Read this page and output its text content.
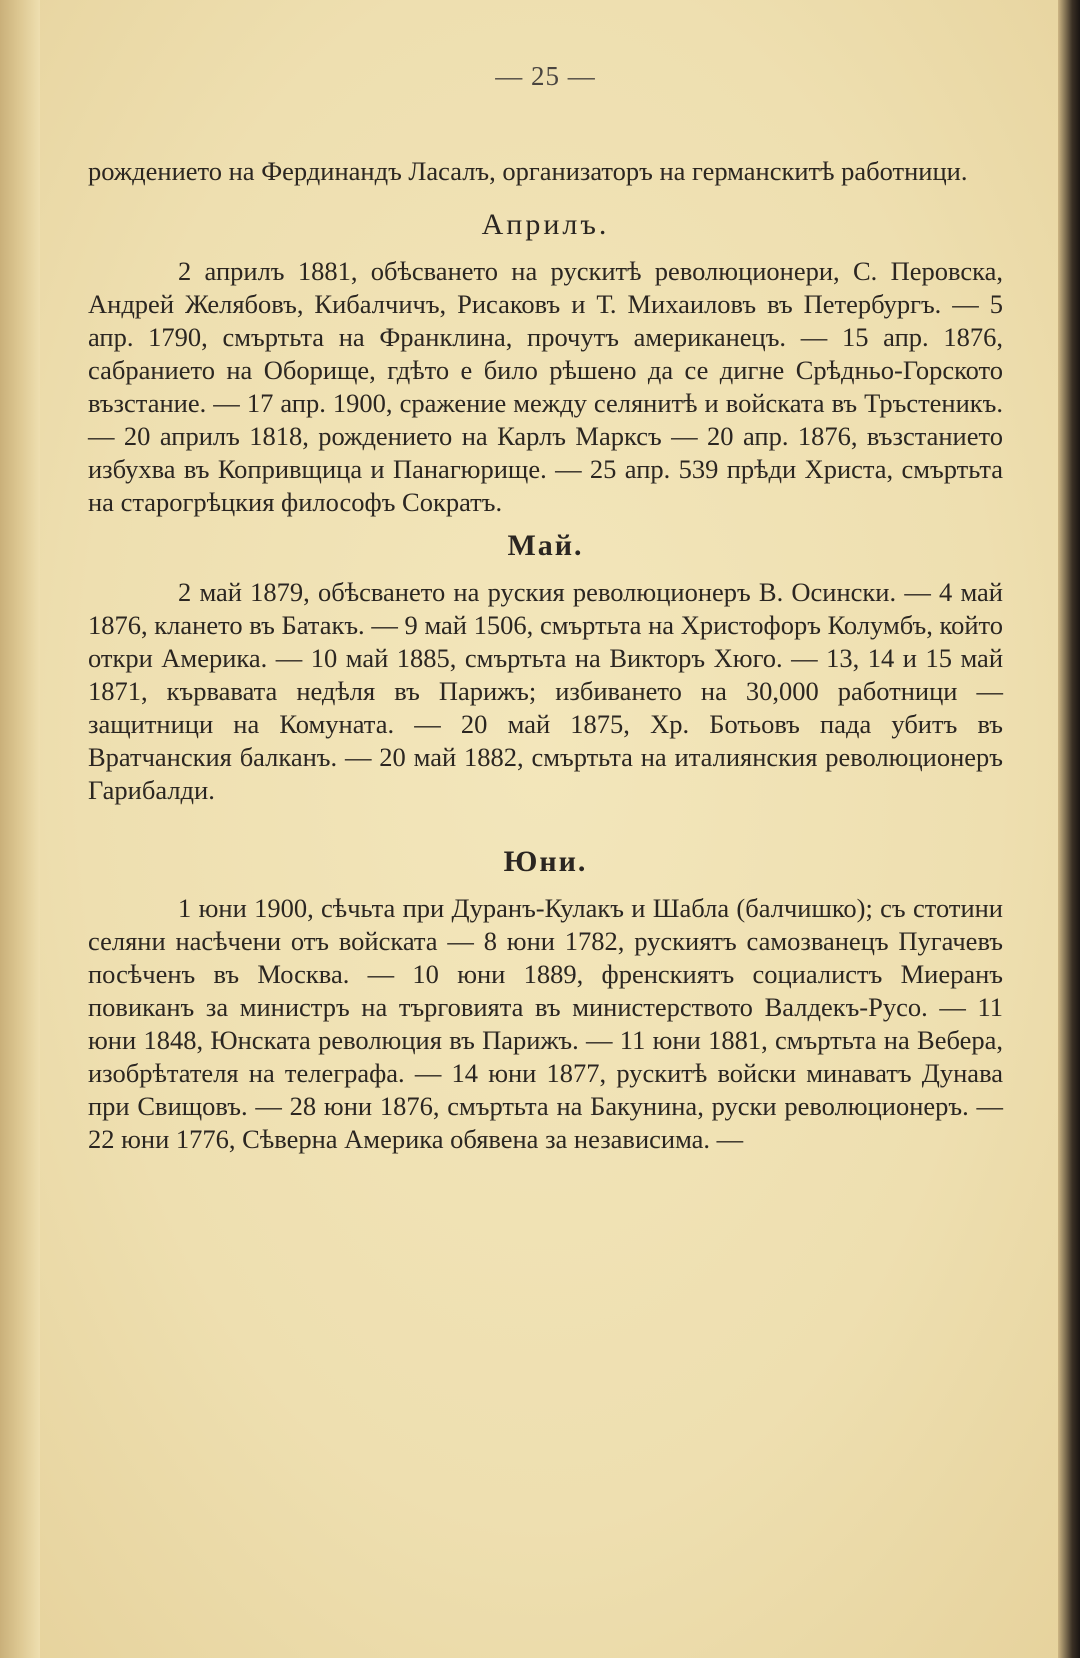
— 25 —

рождението на Фердинандъ Ласалъ, организаторъ на германскитѣ работници.

Априлъ.

2 априлъ 1881, обѣсването на рускитѣ революционери, С. Перовска, Андрей Желябовъ, Кибалчичъ, Рисаковъ и Т. Михаиловъ въ Петербургъ. — 5 апр. 1790, смъртьта на Франклина, прочутъ американецъ. — 15 апр. 1876, сабранието на Оборище, гдѣто е било рѣшено да се дигне Срѣдньо-Горското възстание. — 17 апр. 1900, сражение между селянитѣ и войската въ Тръстеникъ. — 20 априлъ 1818, рождението на Карлъ Марксъ — 20 апр. 1876, възстанието избухва въ Копривщица и Панагюрище. — 25 апр. 539 прѣди Христа, смъртьта на старогрѣцкия философъ Сократъ.

Май.

2 май 1879, обѣсването на руския революционеръ В. Осински. — 4 май 1876, клането въ Батакъ. — 9 май 1506, смъртьта на Христофоръ Колумбъ, който откри Америка. — 10 май 1885, смъртьта на Викторъ Хюго. — 13, 14 и 15 май 1871, кървавата недѣля въ Парижъ; избиването на 30,000 работници — защитници на Комуната. — 20 май 1875, Хр. Ботьовъ пада убитъ въ Вратчанския балканъ. — 20 май 1882, смъртьта на италиянския революционеръ Гарибалди.

Юни.

1 юни 1900, сѣчьта при Дуранъ-Кулакъ и Шабла (балчишко); съ стотини селяни насѣчени отъ войската — 8 юни 1782, рускиятъ самозванецъ Пугачевъ посѣченъ въ Москва. — 10 юни 1889, френскиятъ социалистъ Миеранъ повиканъ за министръ на търговията въ министерството Валдекъ-Русо. — 11 юни 1848, Юнската революция въ Парижъ. — 11 юни 1881, смъртьта на Вебера, изобрѣтателя на телеграфа. — 14 юни 1877, рускитѣ войски минаватъ Дунава при Свищовъ. — 28 юни 1876, смъртьта на Бакунина, руски революционеръ. — 22 юни 1776, Сѣверна Америка обявена за независима. —
